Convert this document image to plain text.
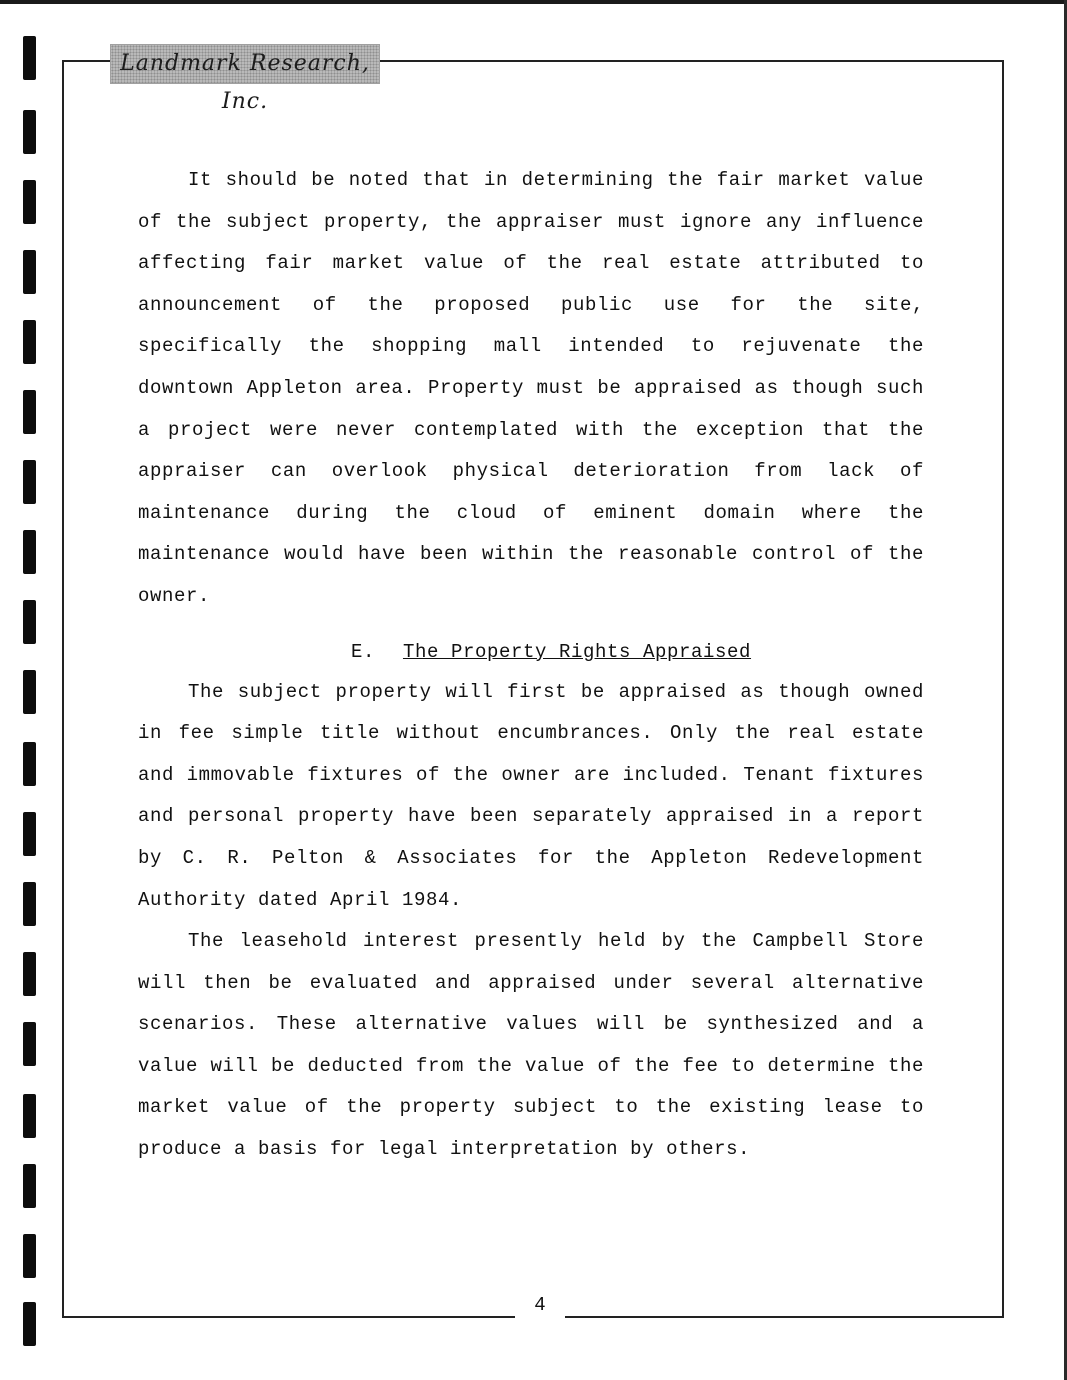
Landmark Research, Inc.

It should be noted that in determining the fair market value of the subject property, the appraiser must ignore any influence affecting fair market value of the real estate attributed to announcement of the proposed public use for the site, specifically the shopping mall intended to rejuvenate the downtown Appleton area. Property must be appraised as though such a project were never contemplated with the exception that the appraiser can overlook physical deterioration from lack of maintenance during the cloud of eminent domain where the maintenance would have been within the reasonable control of the owner.

E. The Property Rights Appraised

The subject property will first be appraised as though owned in fee simple title without encumbrances. Only the real estate and immovable fixtures of the owner are included. Tenant fixtures and personal property have been separately appraised in a report by C. R. Pelton & Associates for the Appleton Redevelopment Authority dated April 1984.

The leasehold interest presently held by the Campbell Store will then be evaluated and appraised under several alternative scenarios. These alternative values will be synthesized and a value will be deducted from the value of the fee to determine the market value of the property subject to the existing lease to produce a basis for legal interpretation by others.

4
